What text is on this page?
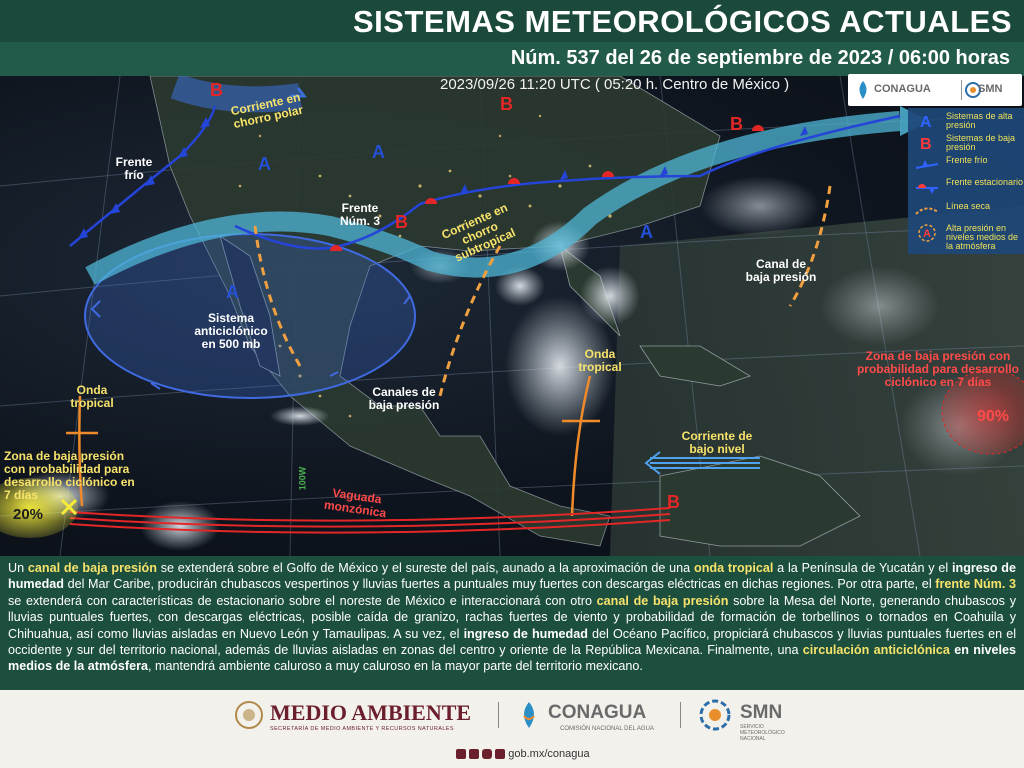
SISTEMAS METEOROLÓGICOS ACTUALES
Núm. 537 del 26 de septiembre de 2023 / 06:00 horas
2023/09/26 11:20 UTC ( 05:20 h. Centro de México )
B
B
B
B
B
A
A
A
A
Corriente en chorro polar
Frente frío
Frente Núm. 3	Corriente en chorro subtropical
Sistema anticiclónico en 500 mb
Canales de baja presión
Canal de baja presión
Onda tropical
Onda tropical
Corriente de bajo nivel
Vaguada monzónica
Zona de baja presión con probabilidad para desarrollo ciclónico en 7 días
20%
Zona de baja presión con probabilidad para desarrollo ciclónico en 7 días
90%
100W
CONAGUA	SMN
A Sistemas de alta presión
B Sistemas de baja presión
Frente frío
Frente estacionario
Línea seca
A Alta presión en niveles medios de la atmósfera

Un canal de baja presión se extenderá sobre el Golfo de México y el sureste del país, aunado a la aproximación de una onda tropical a la Península de Yucatán y el ingreso de humedad del Mar Caribe, producirán chubascos vespertinos y lluvias fuertes a puntuales muy fuertes con descargas eléctricas en dichas regiones. Por otra parte, el frente Núm. 3 se extenderá con características de estacionario sobre el noreste de México e interaccionará con otro canal de baja presión sobre la Mesa del Norte, generando chubascos y lluvias puntuales fuertes, con descargas eléctricas, posible caída de granizo, rachas fuertes de viento y probabilidad de formación de torbellinos o tornados en Coahuila y Chihuahua, así como lluvias aisladas en Nuevo León y Tamaulipas. A su vez, el ingreso de humedad del Océano Pacífico, propiciará chubascos y lluvias puntuales fuertes en el occidente y sur del territorio nacional, además de lluvias aisladas en zonas del centro y oriente de la República Mexicana. Finalmente, una circulación anticiclónica en niveles medios de la atmósfera, mantendrá ambiente caluroso a muy caluroso en la mayor parte del territorio mexicano.

MEDIO AMBIENTE
SECRETARÍA DE MEDIO AMBIENTE Y RECURSOS NATURALES
CONAGUA
COMISIÓN NACIONAL DEL AGUA
SMN
SERVICIO METEOROLÓGICO NACIONAL
gob.mx/conagua
